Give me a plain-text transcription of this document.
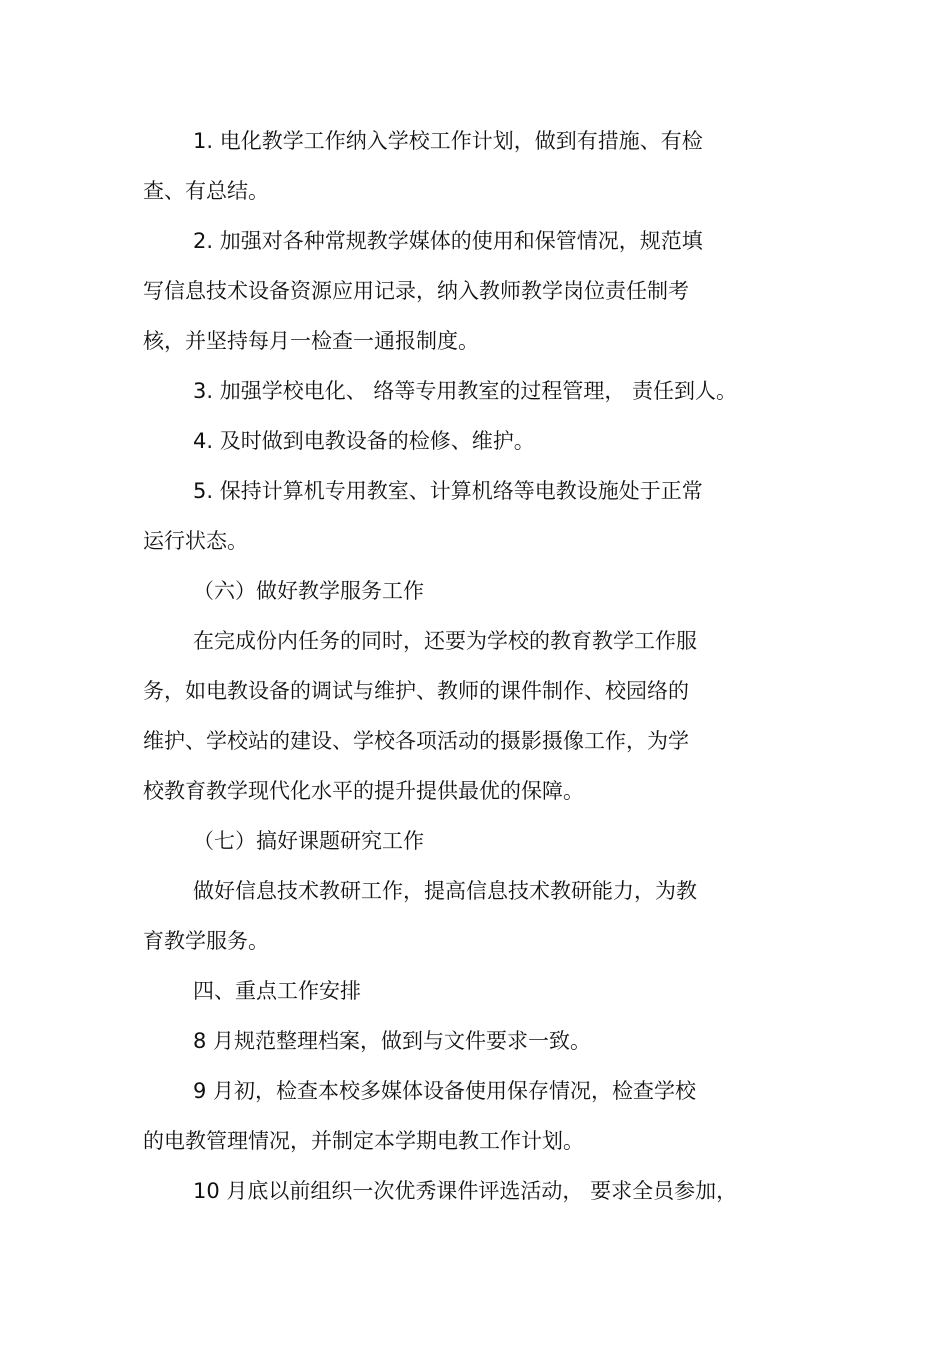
1. 电化教学工作纳入学校工作计划，做到有措施、有检
查、有总结。
2. 加强对各种常规教学媒体的使用和保管情况，规范填
写信息技术设备资源应用记录，纳入教师教学岗位责任制考
核，并坚持每月一检查一通报制度。
3. 加强学校电化、 络等专用教室的过程管理， 责任到人。
4. 及时做到电教设备的检修、维护。
5. 保持计算机专用教室、计算机络等电教设施处于正常
运行状态。
（六）做好教学服务工作
在完成份内任务的同时，还要为学校的教育教学工作服
务，如电教设备的调试与维护、教师的课件制作、校园络的
维护、学校站的建设、学校各项活动的摄影摄像工作，为学
校教育教学现代化水平的提升提供最优的保障。
（七）搞好课题研究工作
做好信息技术教研工作，提高信息技术教研能力，为教
育教学服务。
四、重点工作安排
8 月规范整理档案，做到与文件要求一致。
9 月初，检查本校多媒体设备使用保存情况，检查学校
的电教管理情况，并制定本学期电教工作计划。
10 月底以前组织一次优秀课件评选活动， 要求全员参加，
